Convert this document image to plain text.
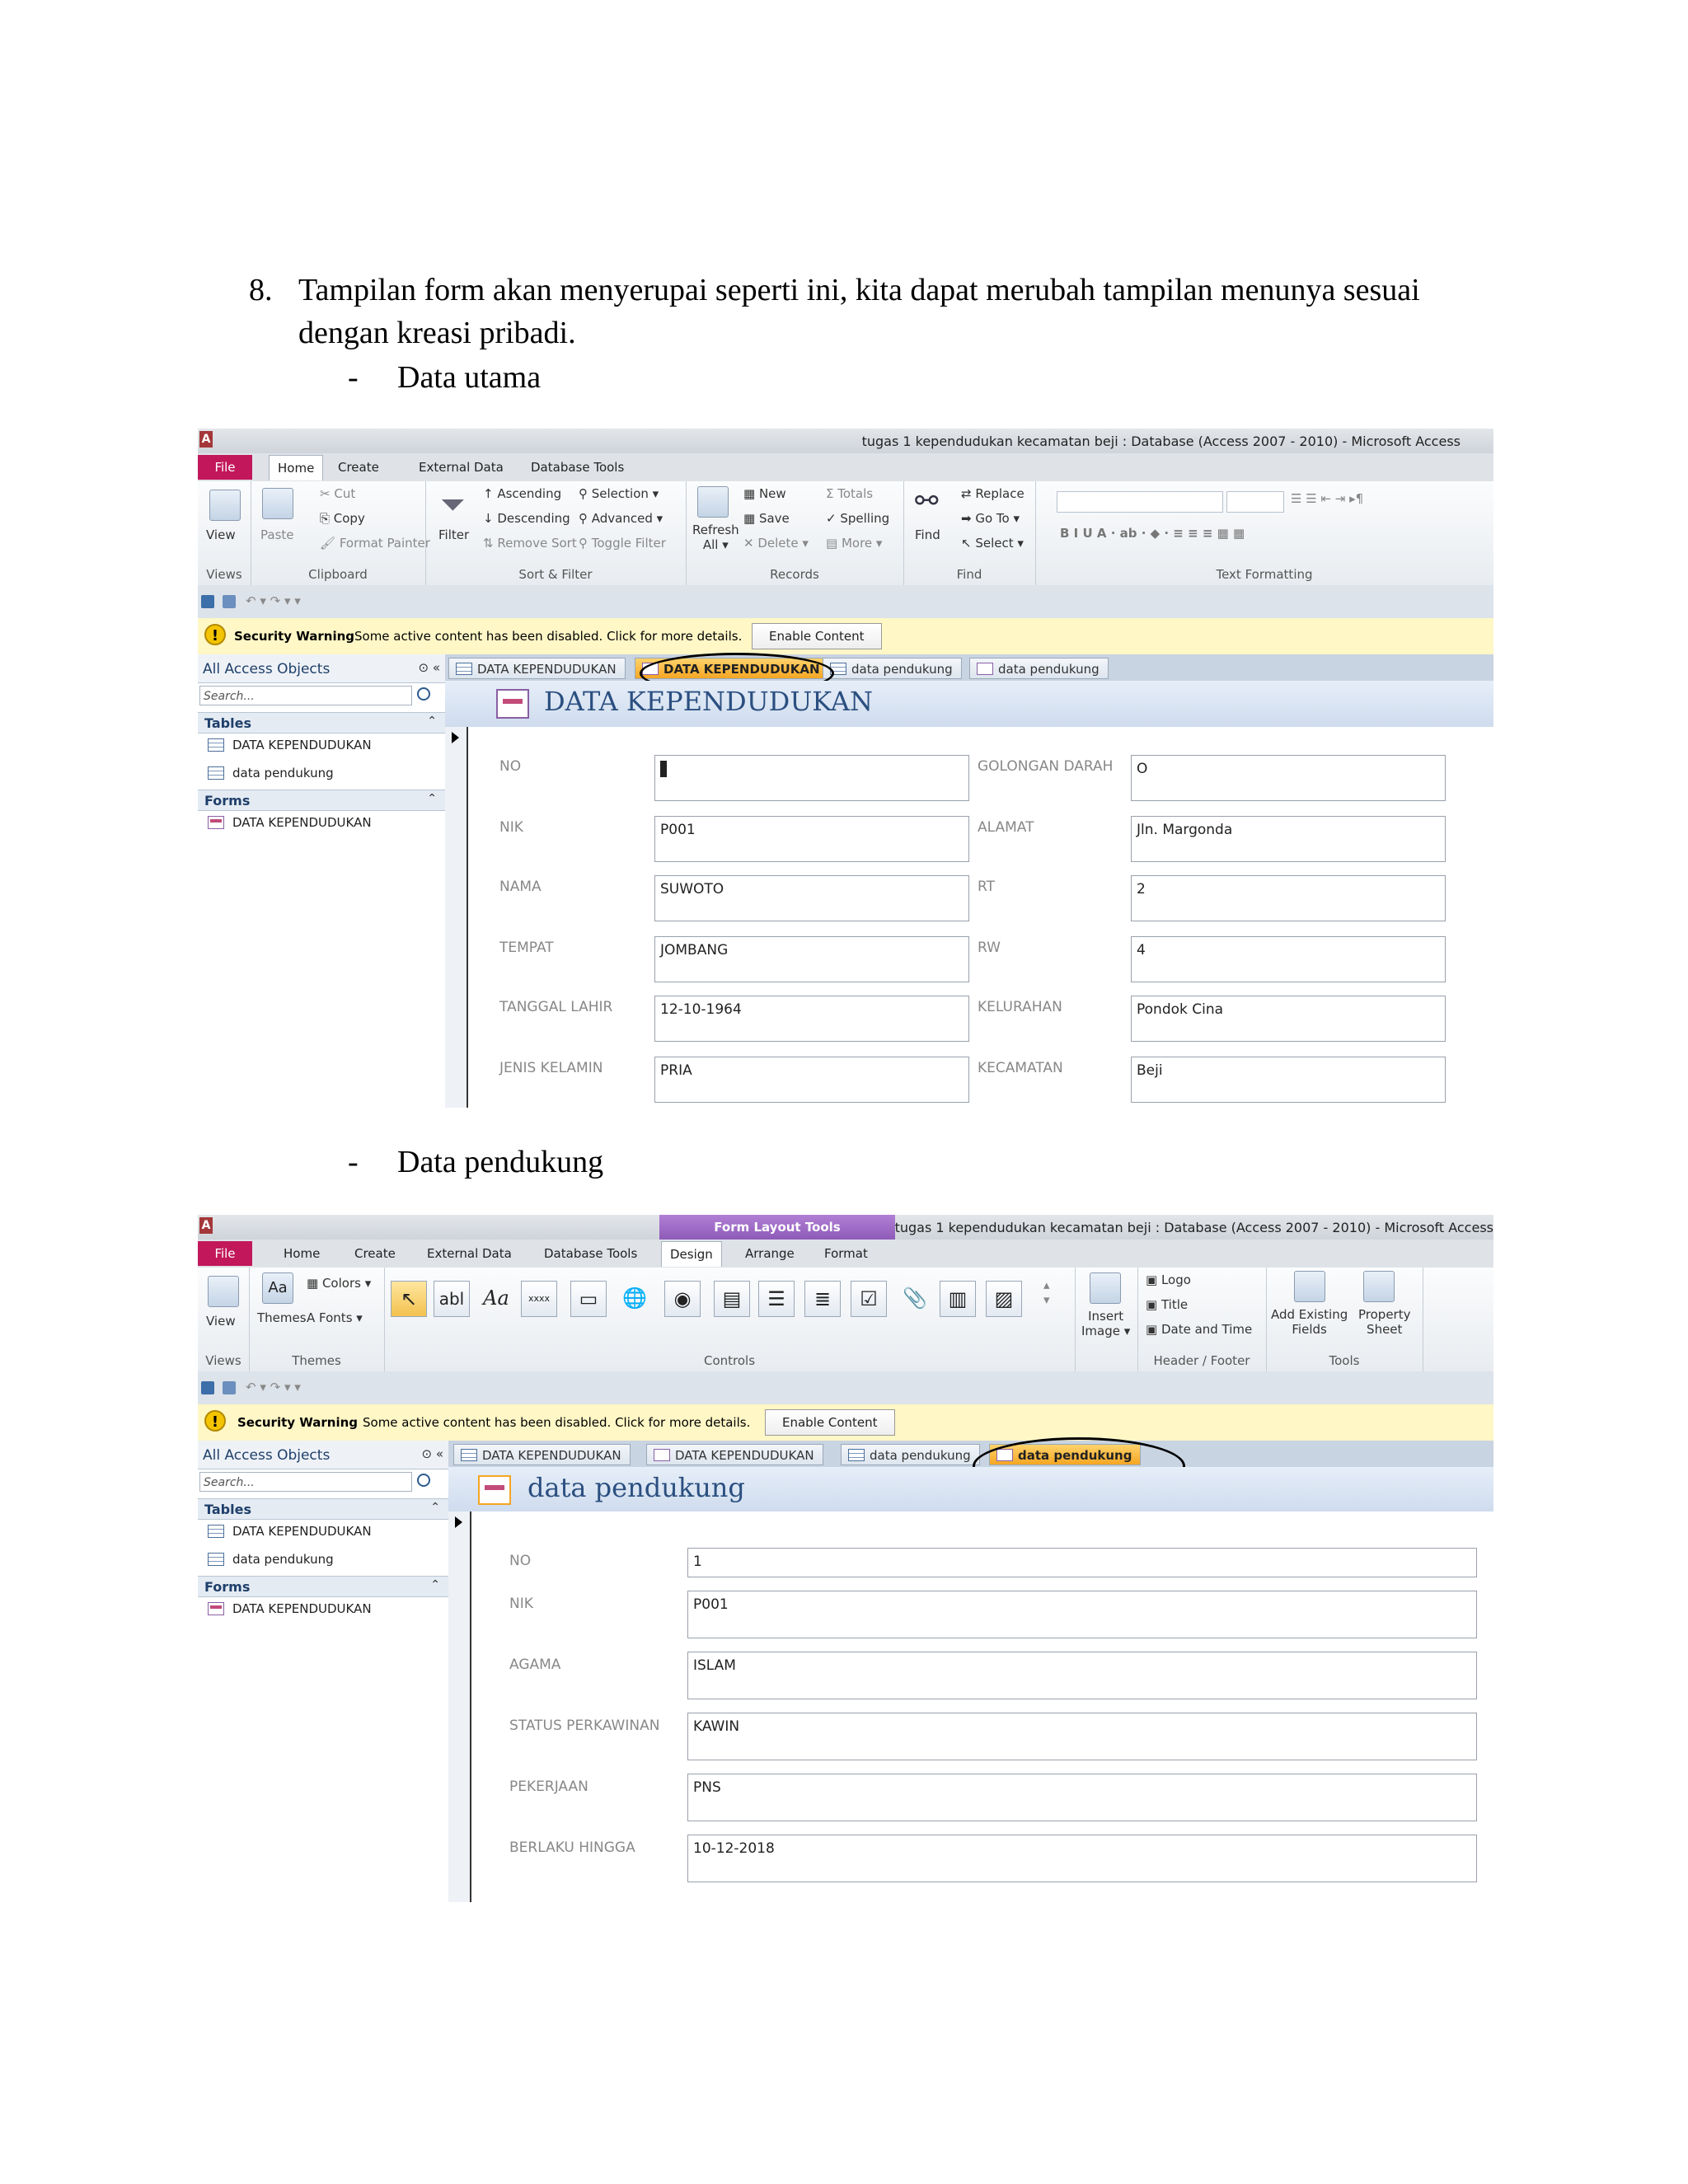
8. Tampilan form akan menyerupai seperti ini, kita dapat merubah tampilan menunya sesuai
dengan kreasi pribadi.
- Data utama
A	tugas 1 kependudukan kecamatan beji : Database (Access 2007 - 2010) - Microsoft Access
File	Home	Create	External Data	Database Tools
View
Views
Paste
✂ Cut
⎘ Copy
🖌 Format Painter
Clipboard
⏷
Filter
↑ Ascending
↓ Descending
⇅ Remove Sort
⚲ Selection ▾
⚲ Advanced ▾
⚲ Toggle Filter
Sort & Filter
Refresh
All ▾
▦ New
▦ Save
✕ Delete ▾
Σ Totals
✓ Spelling
▤ More ▾
Records
⚯
Find
⇄ Replace
➡ Go To ▾
↖ Select ▾
Find
☰ ☰ ⇤ ⇥ ▸¶
B I U A · ab · ◆ · ≡ ≡ ≡ ▦ ▦
Text Formatting
↶ ▾ ↷ ▾ ▾
!	Security Warning Some active content has been disabled. Click for more details.	Enable Content
All Access Objects	⊙ «
Search...
Tables	⌃
DATA KEPENDUDUKAN
data pendukung
Forms	⌃
DATA KEPENDUDUKAN
DATA KEPENDUDUKAN	DATA KEPENDUDUKAN	data pendukung	data pendukung
DATA KEPENDUDUKAN
NO
NIK	P001
NAMA	SUWOTO
TEMPAT	JOMBANG
TANGGAL LAHIR	12-10-1964
JENIS KELAMIN	PRIA
GOLONGAN DARAH	O
ALAMAT	Jln. Margonda
RT	2
RW	4
KELURAHAN	Pondok Cina
KECAMATAN	Beji
- Data pendukung
A	Form Layout Tools	tugas 1 kependudukan kecamatan beji : Database (Access 2007 - 2010) - Microsoft Access
File	Home	Create	External Data	Database Tools	Design	Arrange	Format
View
Views
Aa
Themes
▦ Colors ▾
A Fonts ▾
Themes
↖	abl Aa	xxxx	▭	🌐	◉	▤	☰	≣	☑	📎	▥	▨
▴
▾
Controls
Insert
Image ▾
▣ Logo
▣ Title
▣ Date and Time
Header / Footer
Add Existing
Fields
Property
Sheet
Tools
↶ ▾ ↷ ▾ ▾
!	Security Warning Some active content has been disabled. Click for more details.	Enable Content
All Access Objects	⊙ «
Search...
Tables	⌃
DATA KEPENDUDUKAN
data pendukung
Forms	⌃
DATA KEPENDUDUKAN
DATA KEPENDUDUKAN	DATA KEPENDUDUKAN	data pendukung	data pendukung
data pendukung
NO	1
NIK	P001
AGAMA	ISLAM
STATUS PERKAWINAN	KAWIN
PEKERJAAN	PNS
BERLAKU HINGGA	10-12-2018
